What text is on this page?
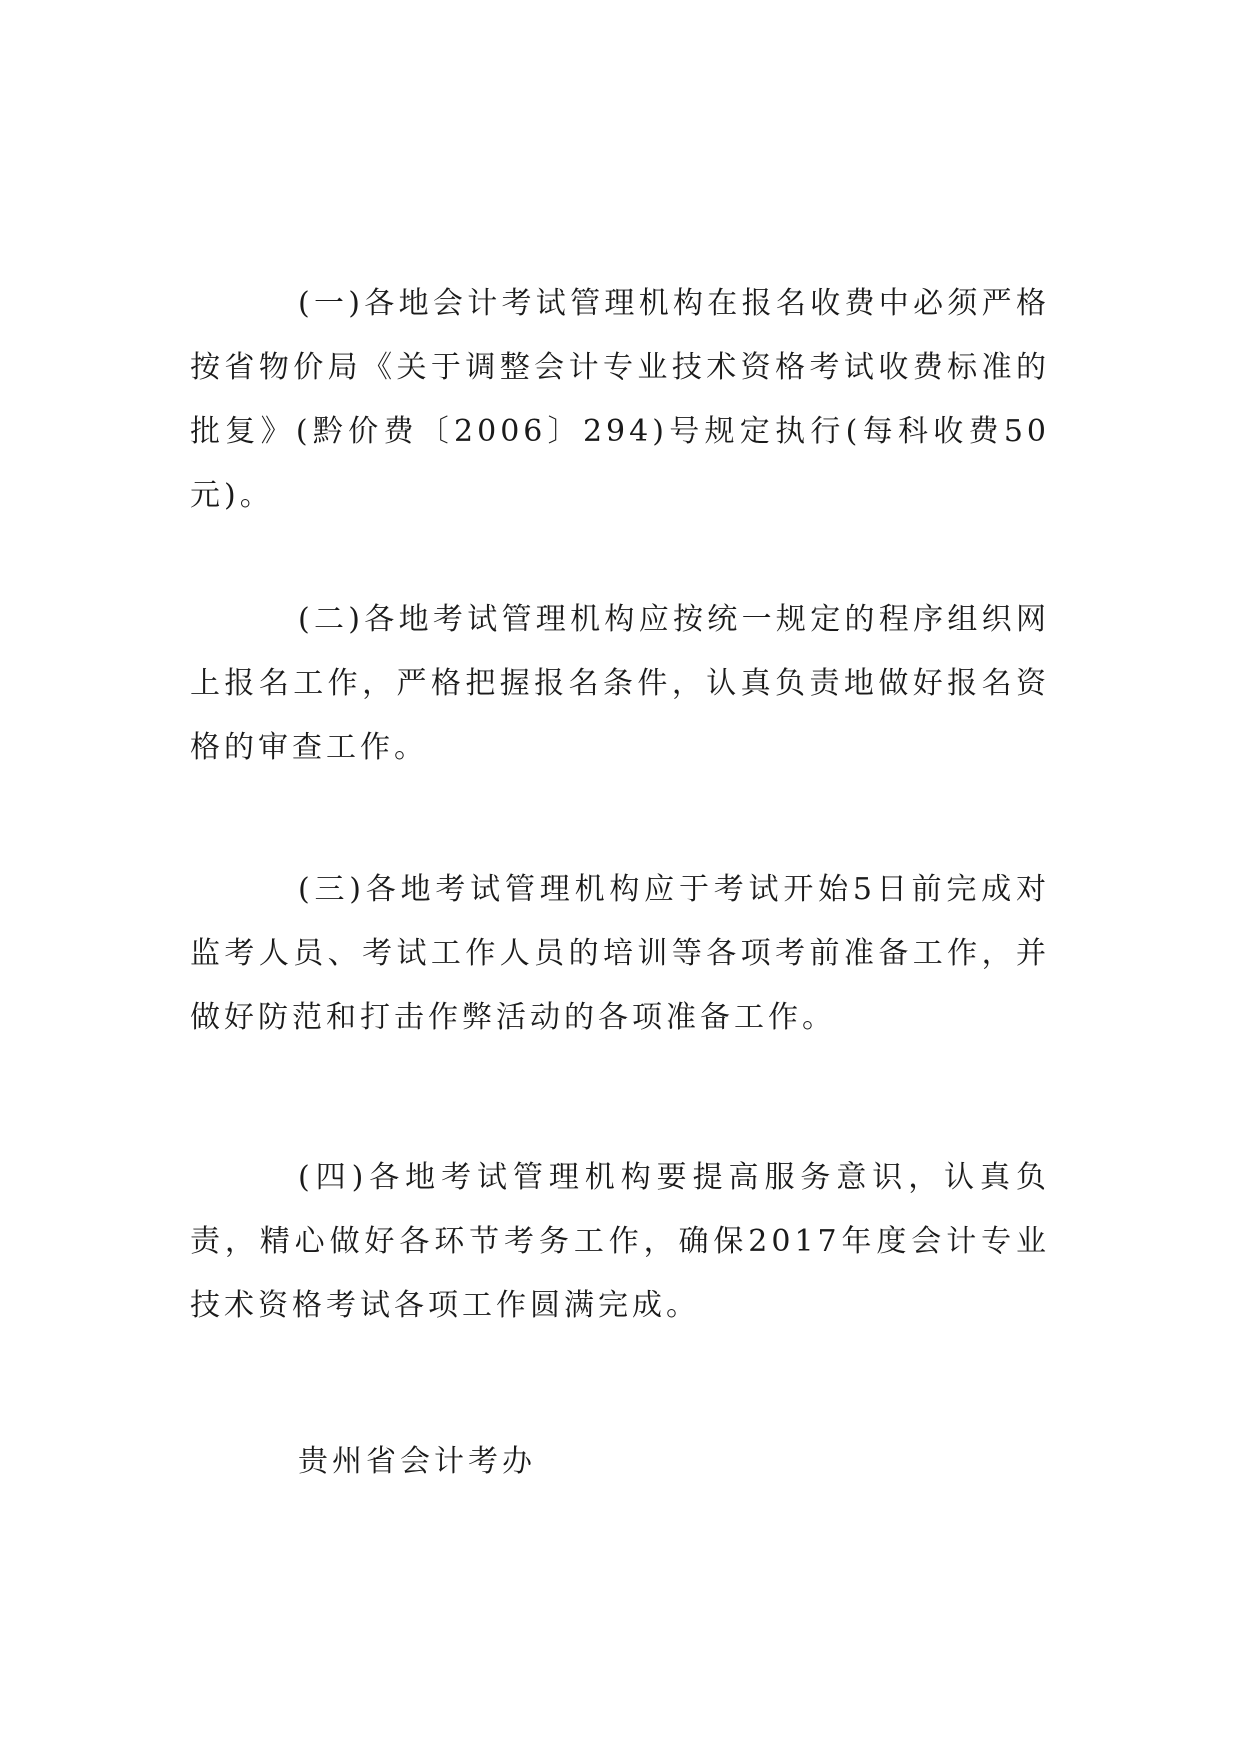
(一)各地会计考试管理机构在报名收费中必须严格按省物价局《关于调整会计专业技术资格考试收费标准的批复》(黔价费〔2006〕294)号规定执行(每科收费50元)。

(二)各地考试管理机构应按统一规定的程序组织网上报名工作，严格把握报名条件，认真负责地做好报名资格的审查工作。

(三)各地考试管理机构应于考试开始5日前完成对监考人员、考试工作人员的培训等各项考前准备工作，并做好防范和打击作弊活动的各项准备工作。

(四)各地考试管理机构要提高服务意识，认真负责，精心做好各环节考务工作，确保2017年度会计专业技术资格考试各项工作圆满完成。

贵州省会计考办
